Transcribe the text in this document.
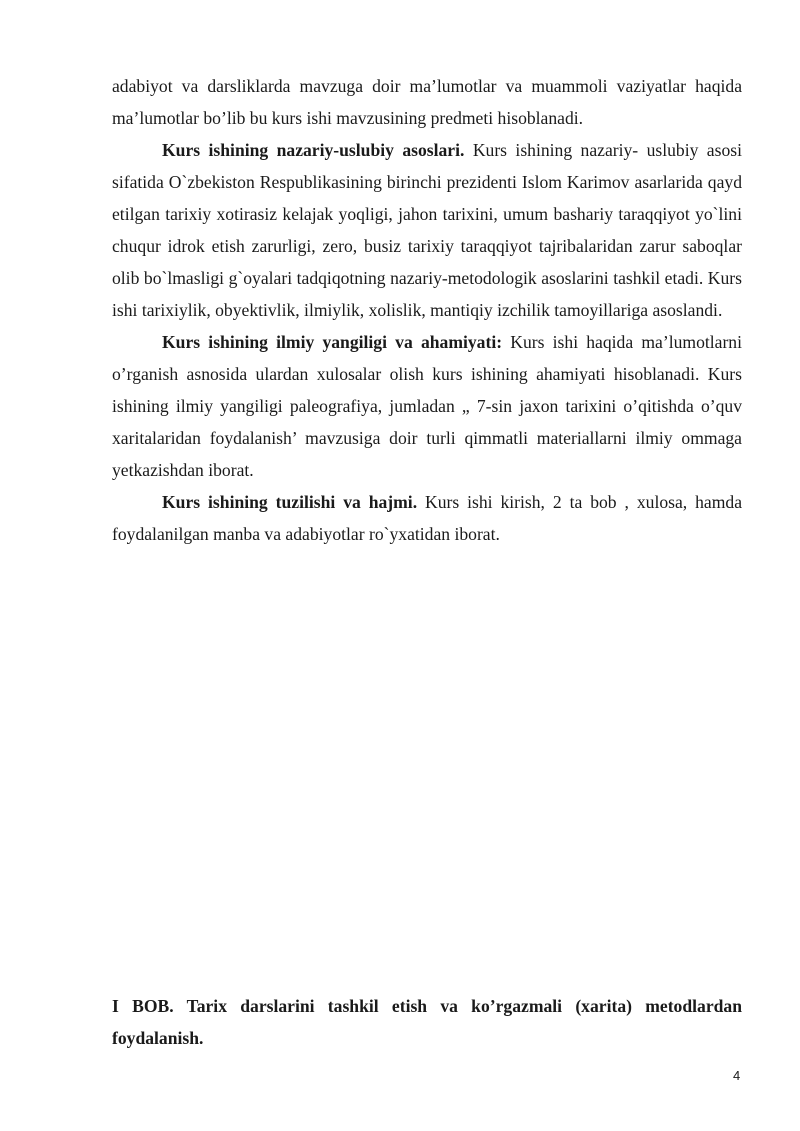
adabiyot va darsliklarda mavzuga doir ma’lumotlar va muammoli vaziyatlar haqida ma’lumotlar bo’lib bu kurs ishi mavzusining predmeti hisoblanadi.

Kurs ishining nazariy-uslubiy asoslari. Kurs ishining nazariy- uslubiy asosi sifatida O`zbekiston Respublikasining birinchi prezidenti Islom Karimov asarlarida qayd etilgan tarixiy xotirasiz kelajak yoqligi, jahon tarixini, umum bashariy taraqqiyot yo`lini chuqur idrok etish zarurligi, zero, busiz tarixiy taraqqiyot tajribalaridan zarur saboqlar olib bo`lmasligi g`oyalari tadqiqotning nazariy-metodologik asoslarini tashkil etadi. Kurs ishi tarixiylik, obyektivlik, ilmiylik, xolislik, mantiqiy izchilik tamoyillariga asoslandi.

Kurs ishining ilmiy yangiligi va ahamiyati: Kurs ishi haqida ma’lumotlarni o’rganish asnosida ulardan xulosalar olish kurs ishining ahamiyati hisoblanadi. Kurs ishining ilmiy yangiligi paleografiya, jumladan „ 7-sin jaxon tarixini o’qitishda o’quv xaritalaridan foydalanish’ mavzusiga doir turli qimmatli materiallarni ilmiy ommaga yetkazishdan iborat.

Kurs ishining tuzilishi va hajmi. Kurs ishi kirish, 2 ta bob , xulosa, hamda foydalanilgan manba va adabiyotlar ro`yxatidan iborat.

I BOB. Tarix darslarini tashkil etish va ko’rgazmali (xarita) metodlardan foydalanish.

4
